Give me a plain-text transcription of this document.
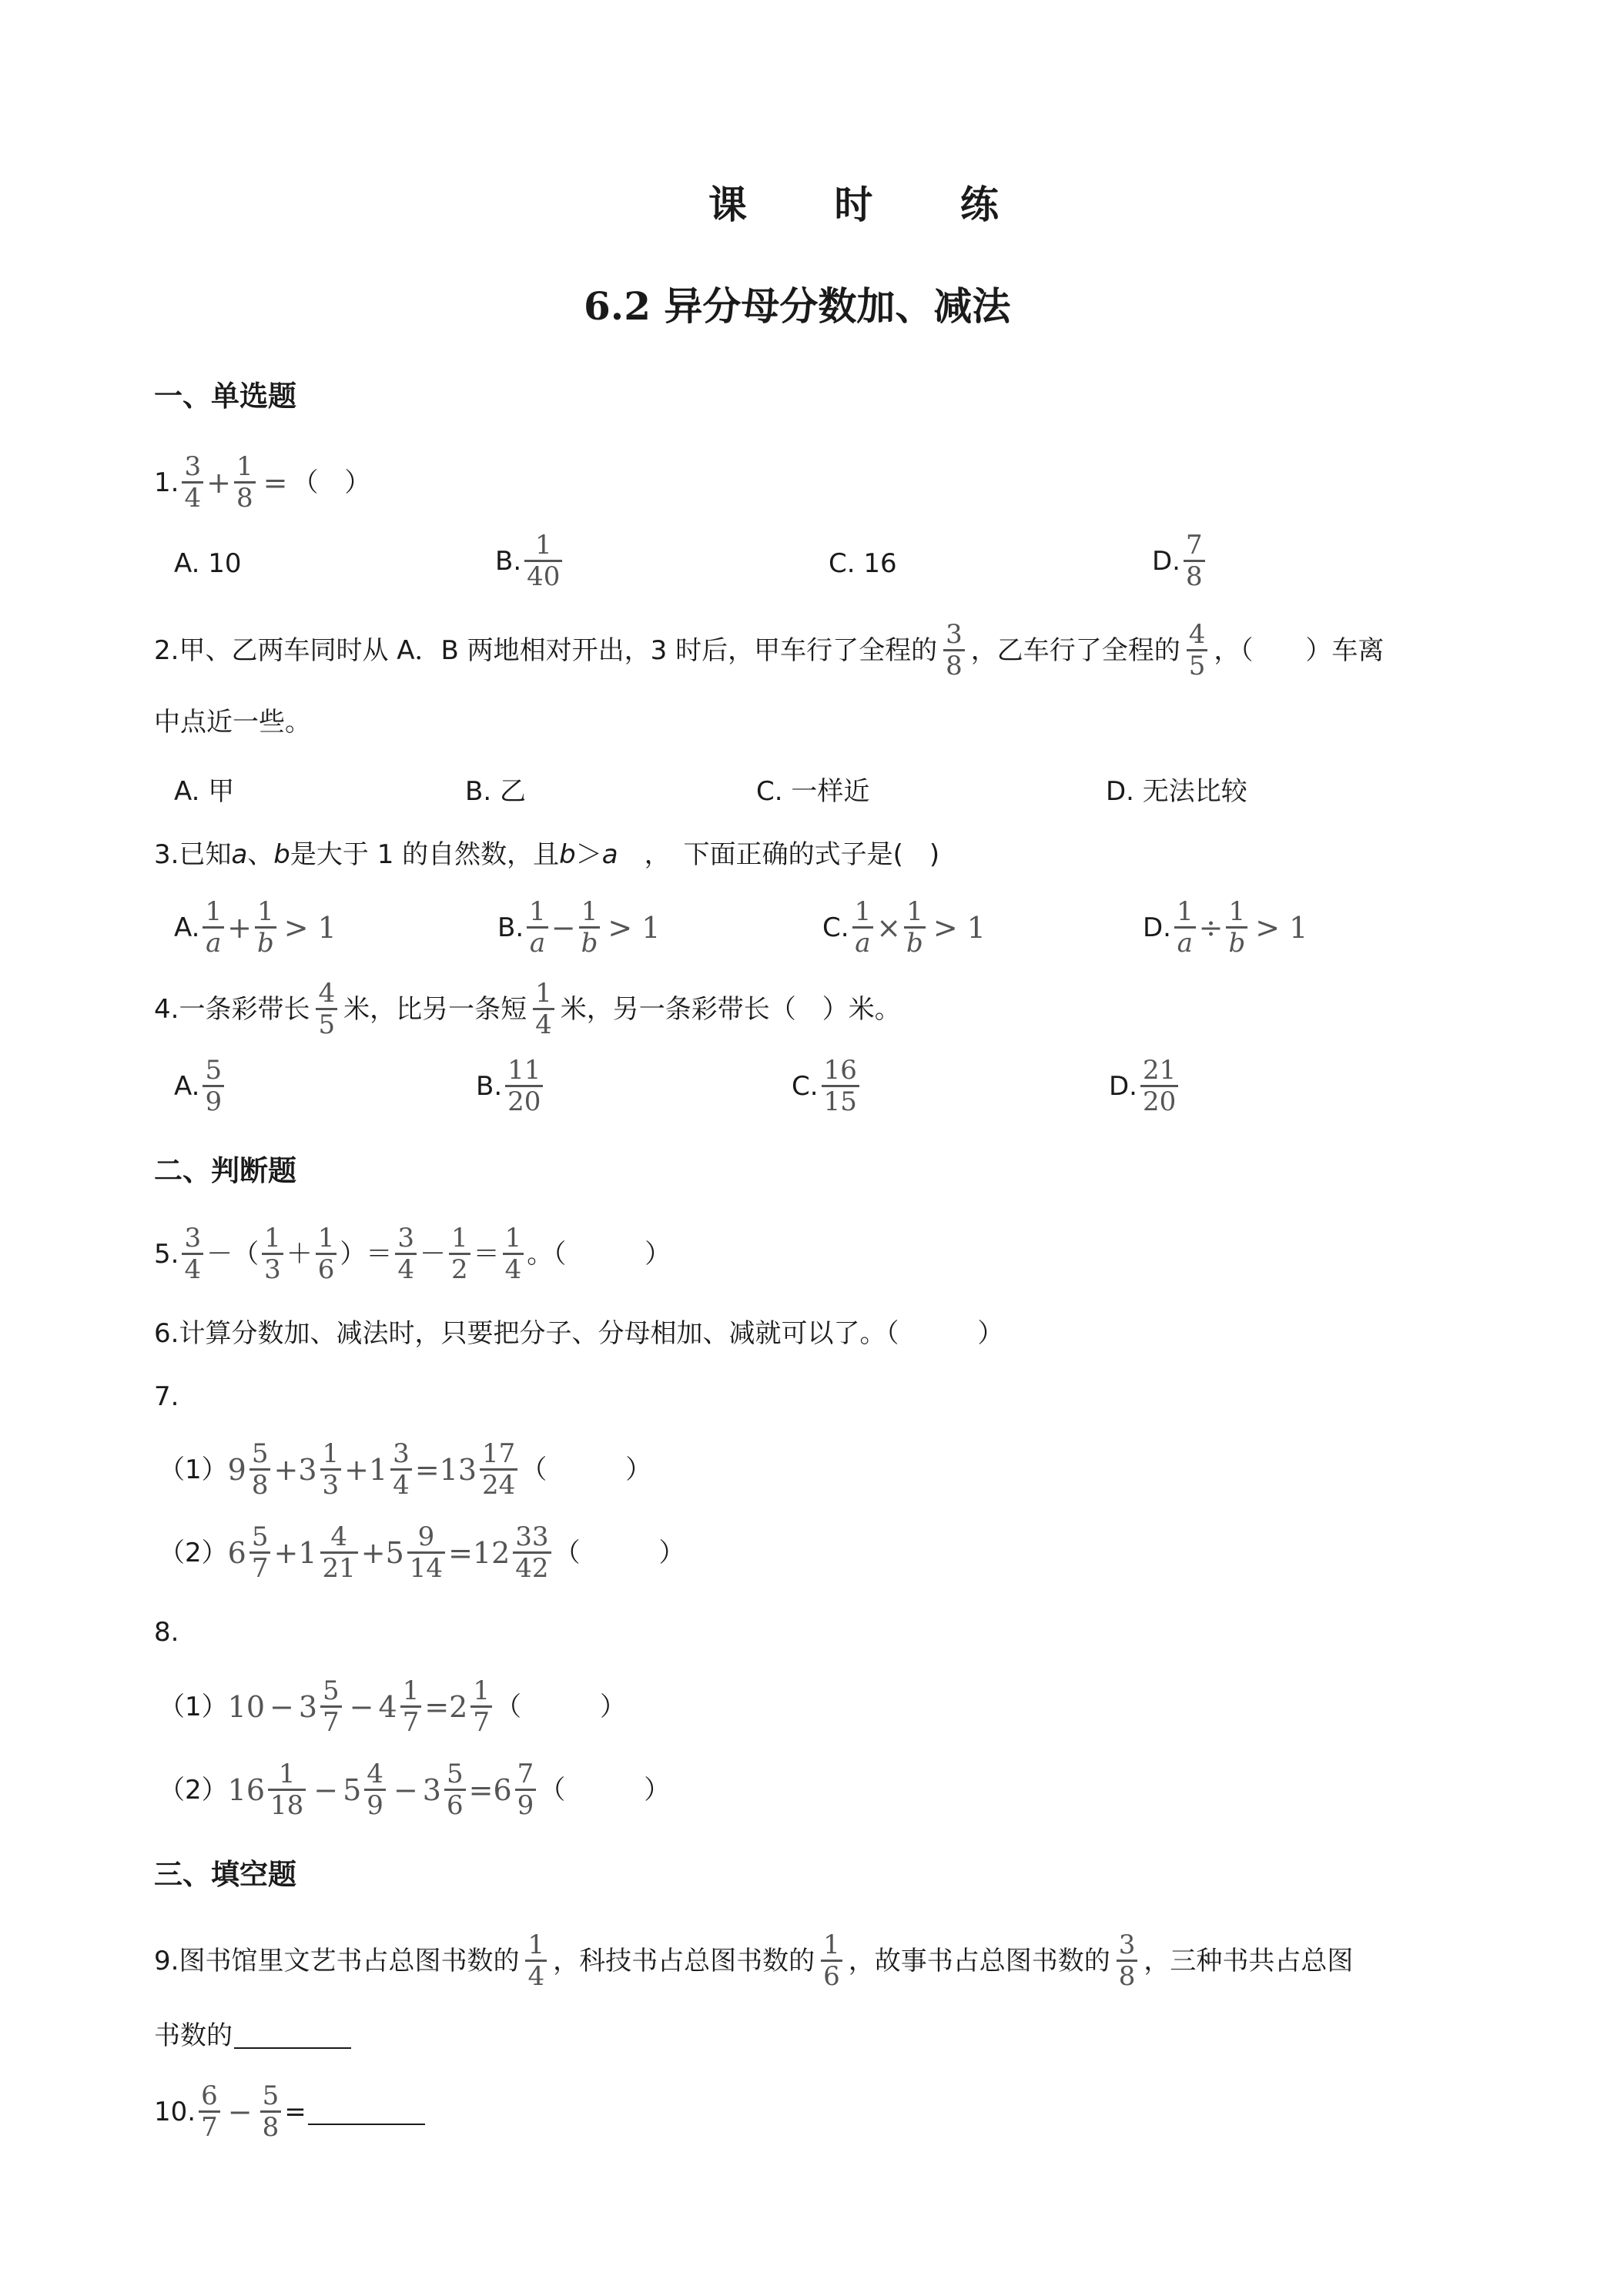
课 时 练
6.2 异分母分数加、减法
一、单选题
1. $\frac{3}{4} + \frac{1}{8}$ = （　）
A. 10	B. $\frac{1}{40}$	C. 16	D. $\frac{7}{8}$
2.甲、乙两车同时从 A．B 两地相对开出，3 时后，甲车行了全程的 $\frac{3}{8}$ ，乙车行了全程的 $\frac{4}{5}$ ，（　　）车离
中点近一些。
A. 甲	B. 乙	C. 一样近	D. 无法比较
3.已知 a 、 b 是大于 1 的自然数，且 b ＞ a 　，　下面正确的式子是(　)
A. $\frac{1}{a} + \frac{1}{b} > 1$	B. $\frac{1}{a} - \frac{1}{b} > 1$	C. $\frac{1}{a} \times \frac{1}{b} > 1$	D. $\frac{1}{a} \div \frac{1}{b} > 1$
4.一条彩带长 $\frac{4}{5}$ 米，比另一条短 $\frac{1}{4}$ 米，另一条彩带长（　）米。
A. $\frac{5}{9}$	B. $\frac{11}{20}$	C. $\frac{16}{15}$	D. $\frac{21}{20}$
二、判断题
5. $\frac{3}{4}$ －（ $\frac{1}{3} + \frac{1}{6}$ ）＝ $\frac{3}{4} - \frac{1}{2} = \frac{1}{4}$ 。（　　　）
6.计算分数加、减法时，只要把分子、分母相加、减就可以了。（　　　）
7.
（1） $9 \frac{5}{8} + 3 \frac{1}{3} + 1 \frac{3}{4} =13 \frac{17}{24}$ （　　　）
（2） $6 \frac{5}{7} + 1 \frac{4}{21} + 5 \frac{9}{14} =12 \frac{33}{42}$ （　　　）
8.
（1） $10 - 3 \frac{5}{7} - 4 \frac{1}{7} =2 \frac{1}{7}$ （　　　）
（2） $16 \frac{1}{18} - 5 \frac{4}{9} - 3 \frac{5}{6} =6 \frac{7}{9}$ （　　　）
三、填空题
9.图书馆里文艺书占总图书数的 $\frac{1}{4}$ ，科技书占总图书数的 $\frac{1}{6}$ ，故事书占总图书数的 $\frac{3}{8}$ ，三种书共占总图
书数的
10. $\frac{6}{7} - \frac{5}{8}$ =
